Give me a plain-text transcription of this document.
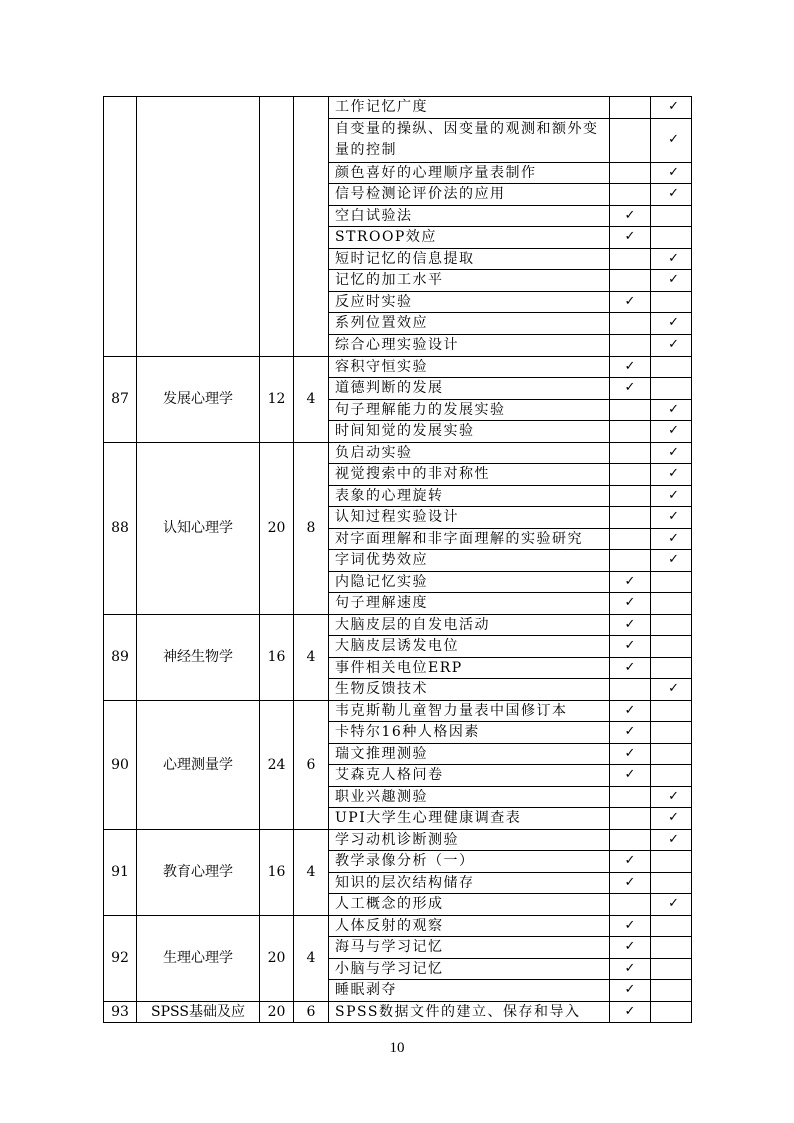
				工作记忆广度		✓
				自变量的操纵、因变量的观测和额外变量的控制		✓
				颜色喜好的心理顺序量表制作		✓
				信号检测论评价法的应用		✓
				空白试验法	✓	
				STROOP效应	✓	
				短时记忆的信息提取		✓
				记忆的加工水平		✓
				反应时实验	✓	
				系列位置效应		✓
				综合心理实验设计		✓
87	发展心理学	12	4	容积守恒实验	✓	
				道德判断的发展	✓	
				句子理解能力的发展实验		✓
				时间知觉的发展实验		✓
88	认知心理学	20	8	负启动实验		✓
				视觉搜索中的非对称性		✓
				表象的心理旋转		✓
				认知过程实验设计		✓
				对字面理解和非字面理解的实验研究		✓
				字词优势效应		✓
				内隐记忆实验	✓	
				句子理解速度	✓	
89	神经生物学	16	4	大脑皮层的自发电活动	✓	
				大脑皮层诱发电位	✓	
				事件相关电位ERP	✓	
				生物反馈技术		✓
90	心理测量学	24	6	韦克斯勒儿童智力量表中国修订本	✓	
				卡特尔16种人格因素	✓	
				瑞文推理测验	✓	
				艾森克人格问卷	✓	
				职业兴趣测验		✓
				UPI大学生心理健康调查表		✓
91	教育心理学	16	4	学习动机诊断测验		✓
				教学录像分析（一）	✓	
				知识的层次结构储存	✓	
				人工概念的形成		✓
92	生理心理学	20	4	人体反射的观察	✓	
				海马与学习记忆	✓	
				小脑与学习记忆	✓	
				睡眠剥夺	✓	
93	SPSS基础及应	20	6	SPSS数据文件的建立、保存和导入	✓	
10
